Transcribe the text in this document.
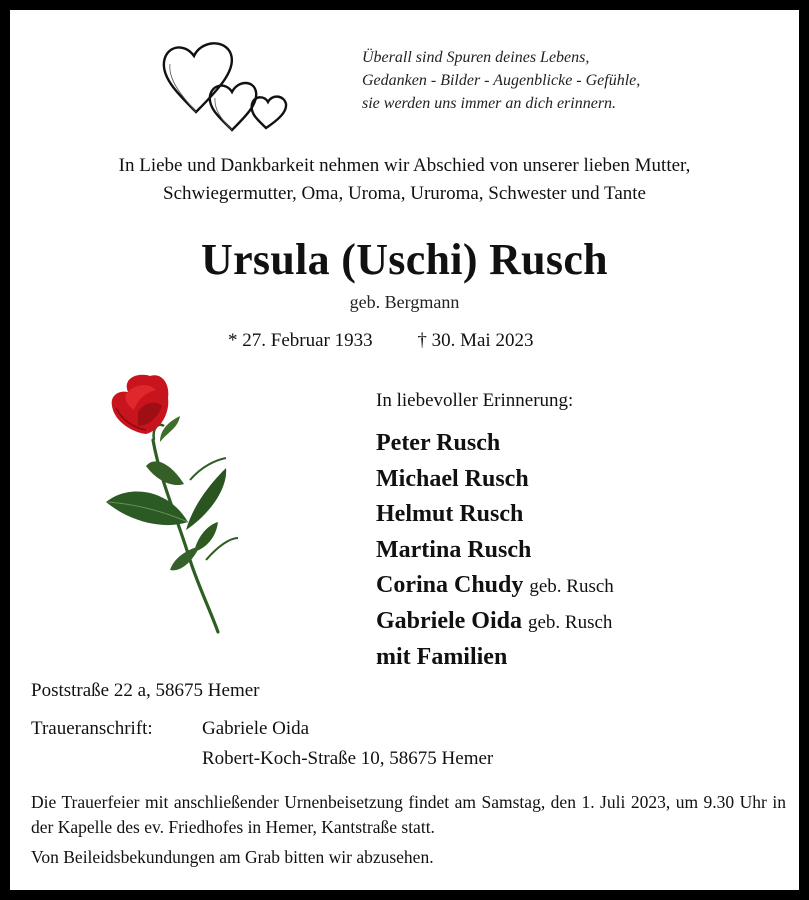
Überall sind Spuren deines Lebens,
Gedanken - Bilder - Augenblicke - Gefühle,
sie werden uns immer an dich erinnern.
In Liebe und Dankbarkeit nehmen wir Abschied von unserer lieben Mutter,
Schwiegermutter, Oma, Uroma, Ururoma, Schwester und Tante
Ursula (Uschi) Rusch
geb. Bergmann
* 27. Februar 1933 † 30. Mai 2023
In liebevoller Erinnerung:
Peter Rusch
Michael Rusch
Helmut Rusch
Martina Rusch
Corina Chudy geb. Rusch
Gabriele Oida geb. Rusch
mit Familien
Poststraße 22 a, 58675 Hemer
Traueranschrift:	Gabriele Oida
Robert-Koch-Straße 10, 58675 Hemer
Die Trauerfeier mit anschließender Urnenbeisetzung findet am Samstag, den 1. Juli 2023, um 9.30 Uhr in der Kapelle des ev. Friedhofes in Hemer, Kantstraße statt.
Von Beileidsbekundungen am Grab bitten wir abzusehen.
